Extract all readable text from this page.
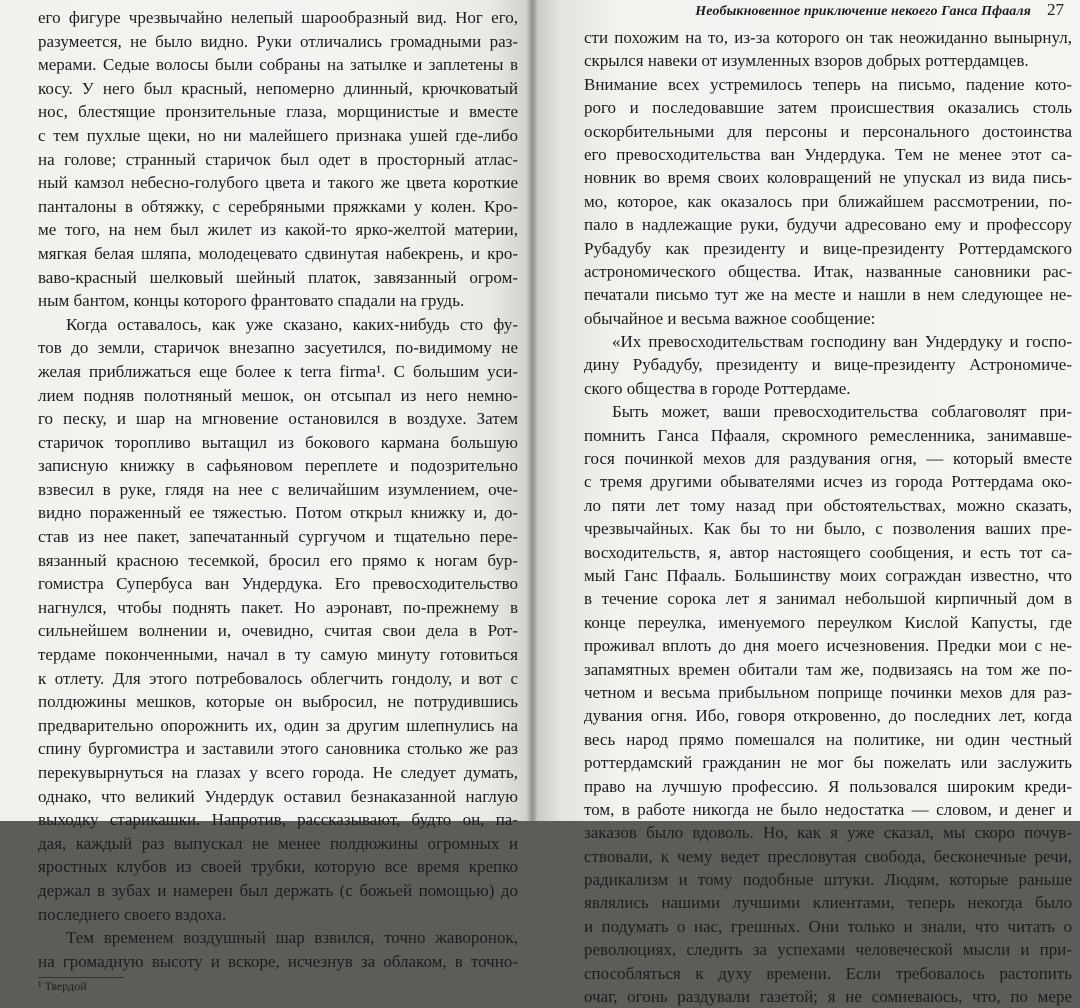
его фигуре чрезвычайно нелепый шарообразный вид. Ног его,
разумеется, не было видно. Руки отличались громадными раз-
мерами. Седые волосы были собраны на затылке и заплетены в
косу. У него был красный, непомерно длинный, крючковатый
нос, блестящие пронзительные глаза, морщинистые и вместе
с тем пухлые щеки, но ни малейшего признака ушей где-либо
на голове; странный старичок был одет в просторный атлас-
ный камзол небесно-голубого цвета и такого же цвета короткие
панталоны в обтяжку, с серебряными пряжками у колен. Кро-
ме того, на нем был жилет из какой-то ярко-желтой материи,
мягкая белая шляпа, молодецевато сдвинутая набекрень, и кро-
ваво-красный шелковый шейный платок, завязанный огром-
ным бантом, концы которого франтовато спадали на грудь.
Когда оставалось, как уже сказано, каких-нибудь сто фу-
тов до земли, старичок внезапно засуетился, по-видимому не
желая приближаться еще более к terra firma¹. С большим уси-
лием подняв полотняный мешок, он отсыпал из него немно-
го песку, и шар на мгновение остановился в воздухе. Затем
старичок торопливо вытащил из бокового кармана большую
записную книжку в сафьяновом переплете и подозрительно
взвесил в руке, глядя на нее с величайшим изумлением, оче-
видно пораженный ее тяжестью. Потом открыл книжку и, до-
став из нее пакет, запечатанный сургучом и тщательно пере-
вязанный красною тесемкой, бросил его прямо к ногам бур-
гомистра Супербуса ван Ундердука. Его превосходительство
нагнулся, чтобы поднять пакет. Но аэронавт, по-прежнему в
сильнейшем волнении и, очевидно, считая свои дела в Рот-
тердаме поконченными, начал в ту самую минуту готовиться
к отлету. Для этого потребовалось облегчить гондолу, и вот с
полдюжины мешков, которые он выбросил, не потрудившись
предварительно опорожнить их, один за другим шлепнулись на
спину бургомистра и заставили этого сановника столько же раз
перекувырнуться на глазах у всего города. Не следует думать,
однако, что великий Ундердук оставил безнаказанной наглую
выходку старикашки. Напротив, рассказывают, будто он, па-
дая, каждый раз выпускал не менее полдюжины огромных и
яростных клубов из своей трубки, которую все время крепко
держал в зубах и намерен был держать (с божьей помощью) до
последнего своего вздоха.
Тем временем воздушный шар взвился, точно жаворонок,
на громадную высоту и вскоре, исчезнув за облаком, в точно-
¹ Твердой
Необыкновенное приключение некоего Ганса Пфааля 27
сти похожим на то, из-за которого он так неожиданно вынырнул,
скрылся навеки от изумленных взоров добрых роттердамцев.
Внимание всех устремилось теперь на письмо, падение кото-
рого и последовавшие затем происшествия оказались столь
оскорбительными для персоны и персонального достоинства
его превосходительства ван Ундердука. Тем не менее этот са-
новник во время своих коловращений не упускал из вида пись-
мо, которое, как оказалось при ближайшем рассмотрении, по-
пало в надлежащие руки, будучи адресовано ему и профессору
Рубадубу как президенту и вице-президенту Роттердамского
астрономического общества. Итак, названные сановники рас-
печатали письмо тут же на месте и нашли в нем следующее не-
обычайное и весьма важное сообщение:
«Их превосходительствам господину ван Ундердуку и госпо-
дину Рубадубу, президенту и вице-президенту Астрономиче-
ского общества в городе Роттердаме.
Быть может, ваши превосходительства соблаговолят при-
помнить Ганса Пфааля, скромного ремесленника, занимавше-
гося починкой мехов для раздувания огня, — который вместе
с тремя другими обывателями исчез из города Роттердама око-
ло пяти лет тому назад при обстоятельствах, можно сказать,
чрезвычайных. Как бы то ни было, с позволения ваших пре-
восходительств, я, автор настоящего сообщения, и есть тот са-
мый Ганс Пфааль. Большинству моих сограждан известно, что
в течение сорока лет я занимал небольшой кирпичный дом в
конце переулка, именуемого переулком Кислой Капусты, где
проживал вплоть до дня моего исчезновения. Предки мои с не-
запамятных времен обитали там же, подвизаясь на том же по-
четном и весьма прибыльном поприще починки мехов для раз-
дувания огня. Ибо, говоря откровенно, до последних лет, когда
весь народ прямо помешался на политике, ни один честный
роттердамский гражданин не мог бы пожелать или заслужить
право на лучшую профессию. Я пользовался широким креди-
том, в работе никогда не было недостатка — словом, и денег и
заказов было вдоволь. Но, как я уже сказал, мы скоро почув-
ствовали, к чему ведет пресловутая свобода, бесконечные речи,
радикализм и тому подобные штуки. Людям, которые раньше
являлись нашими лучшими клиентами, теперь некогда было
и подумать о нас, грешных. Они только и знали, что читать о
революциях, следить за успехами человеческой мысли и при-
способляться к духу времени. Если требовалось растопить
очаг, огонь раздували газетой; я не сомневаюсь, что, по мере
